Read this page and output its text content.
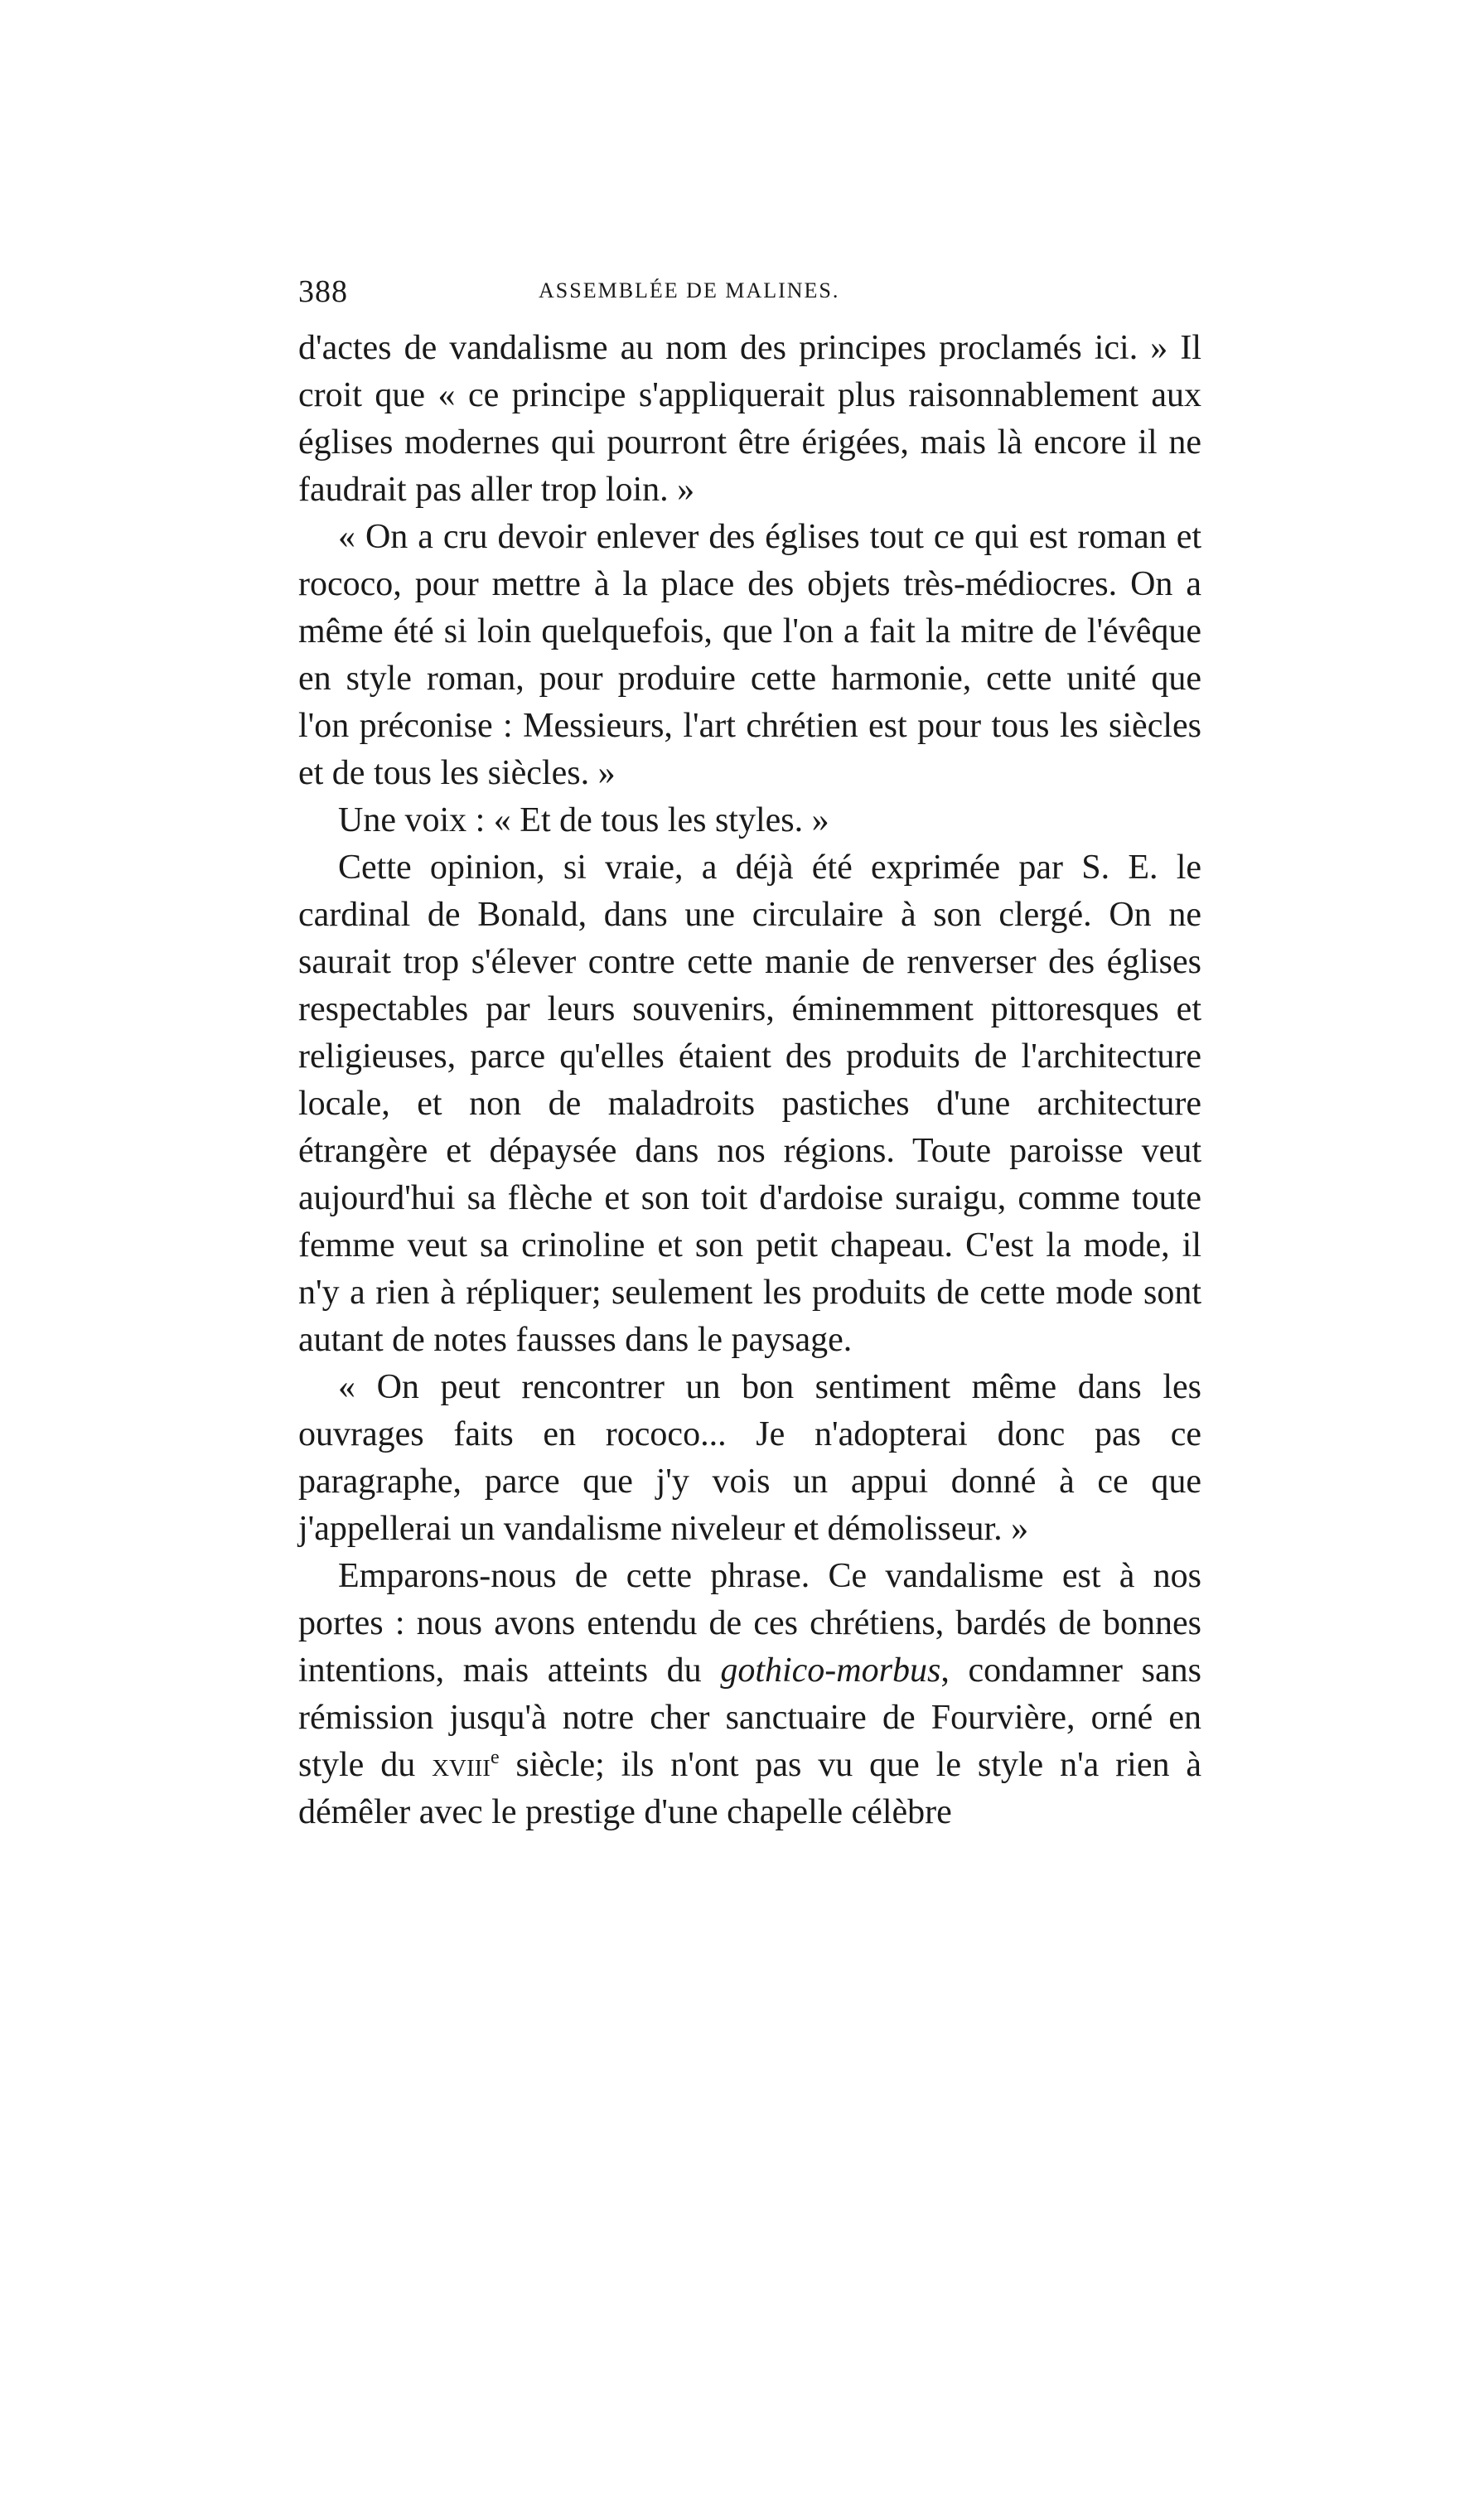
388	ASSEMBLÉE DE MALINES.

d'actes de vandalisme au nom des principes proclamés ici. » Il croit que « ce principe s'appliquerait plus raisonnablement aux églises modernes qui pourront être érigées, mais là encore il ne faudrait pas aller trop loin. »

« On a cru devoir enlever des églises tout ce qui est roman et rococo, pour mettre à la place des objets très-médiocres. On a même été si loin quelquefois, que l'on a fait la mitre de l'évêque en style roman, pour produire cette harmonie, cette unité que l'on préconise : Messieurs, l'art chrétien est pour tous les siècles et de tous les siècles. »

Une voix : « Et de tous les styles. »

Cette opinion, si vraie, a déjà été exprimée par S. E. le cardinal de Bonald, dans une circulaire à son clergé. On ne saurait trop s'élever contre cette manie de renverser des églises respectables par leurs souvenirs, éminemment pittoresques et religieuses, parce qu'elles étaient des produits de l'architecture locale, et non de maladroits pastiches d'une architecture étrangère et dépaysée dans nos régions. Toute paroisse veut aujourd'hui sa flèche et son toit d'ardoise suraigu, comme toute femme veut sa crinoline et son petit chapeau. C'est la mode, il n'y a rien à répliquer; seulement les produits de cette mode sont autant de notes fausses dans le paysage.

« On peut rencontrer un bon sentiment même dans les ouvrages faits en rococo... Je n'adopterai donc pas ce paragraphe, parce que j'y vois un appui donné à ce que j'appellerai un vandalisme niveleur et démolisseur. »

Emparons-nous de cette phrase. Ce vandalisme est à nos portes : nous avons entendu de ces chrétiens, bardés de bonnes intentions, mais atteints du gothico-morbus, condamner sans rémission jusqu'à notre cher sanctuaire de Fourvière, orné en style du xviii$^e$ siècle; ils n'ont pas vu que le style n'a rien à démêler avec le prestige d'une chapelle célèbre
